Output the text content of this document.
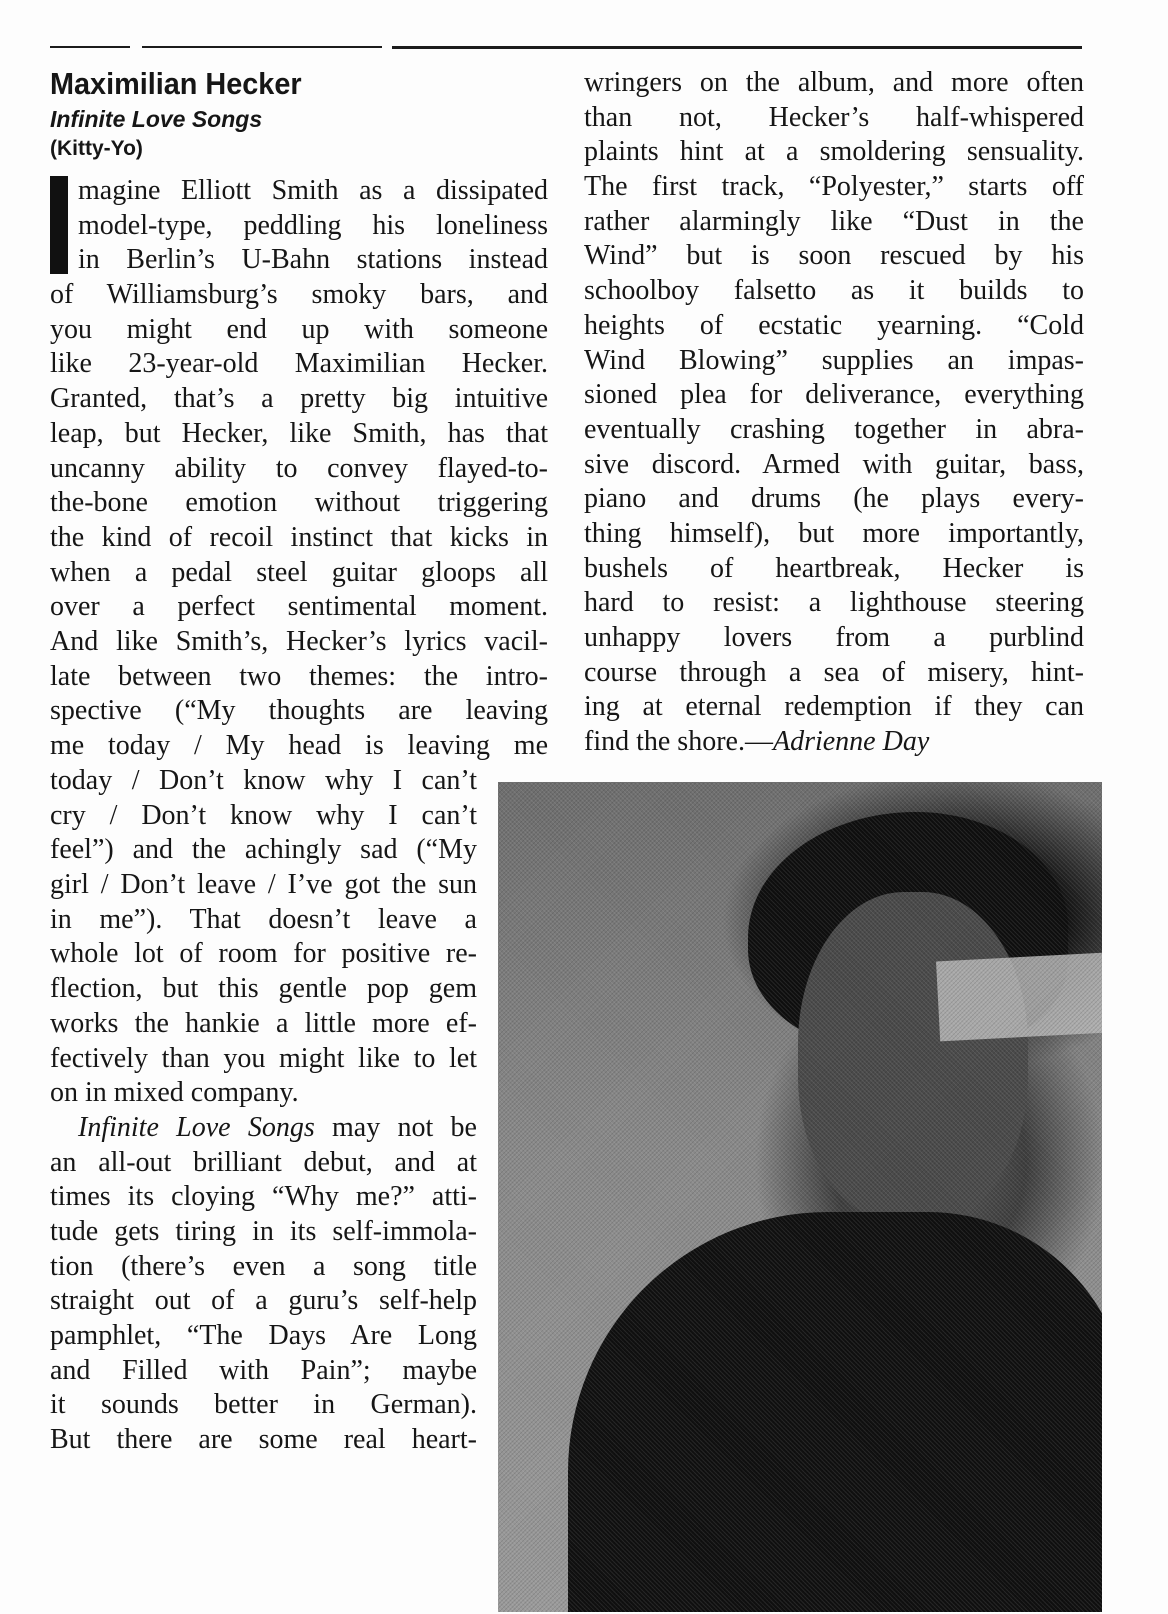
Maximilian Hecker
Infinite Love Songs
(Kitty-Yo)
magine Elliott Smith as a dissipated
model-type, peddling his loneliness
in Berlin’s U-Bahn stations instead
of Williamsburg’s smoky bars, and
you might end up with someone
like 23-year-old Maximilian Hecker.
Granted, that’s a pretty big intuitive
leap, but Hecker, like Smith, has that
uncanny ability to convey flayed-to-
the-bone emotion without triggering
the kind of recoil instinct that kicks in
when a pedal steel guitar gloops all
over a perfect sentimental moment.
And like Smith’s, Hecker’s lyrics vacil-
late between two themes: the intro-
spective (“My thoughts are leaving
me today / My head is leaving me
today / Don’t know why I can’t
cry / Don’t know why I can’t
feel”) and the achingly sad (“My
girl / Don’t leave / I’ve got the sun
in me”). That doesn’t leave a
whole lot of room for positive re-
flection, but this gentle pop gem
works the hankie a little more ef-
fectively than you might like to let
on in mixed company.
Infinite Love Songs may not be
an all-out brilliant debut, and at
times its cloying “Why me?” atti-
tude gets tiring in its self-immola-
tion (there’s even a song title
straight out of a guru’s self-help
pamphlet, “The Days Are Long
and Filled with Pain”; maybe
it sounds better in German).
But there are some real heart-
wringers on the album, and more often
than not, Hecker’s half-whispered
plaints hint at a smoldering sensuality.
The first track, “Polyester,” starts off
rather alarmingly like “Dust in the
Wind” but is soon rescued by his
schoolboy falsetto as it builds to
heights of ecstatic yearning. “Cold
Wind Blowing” supplies an impas-
sioned plea for deliverance, everything
eventually crashing together in abra-
sive discord. Armed with guitar, bass,
piano and drums (he plays every-
thing himself), but more importantly,
bushels of heartbreak, Hecker is
hard to resist: a lighthouse steering
unhappy lovers from a purblind
course through a sea of misery, hint-
ing at eternal redemption if they can
find the shore.—Adrienne Day
